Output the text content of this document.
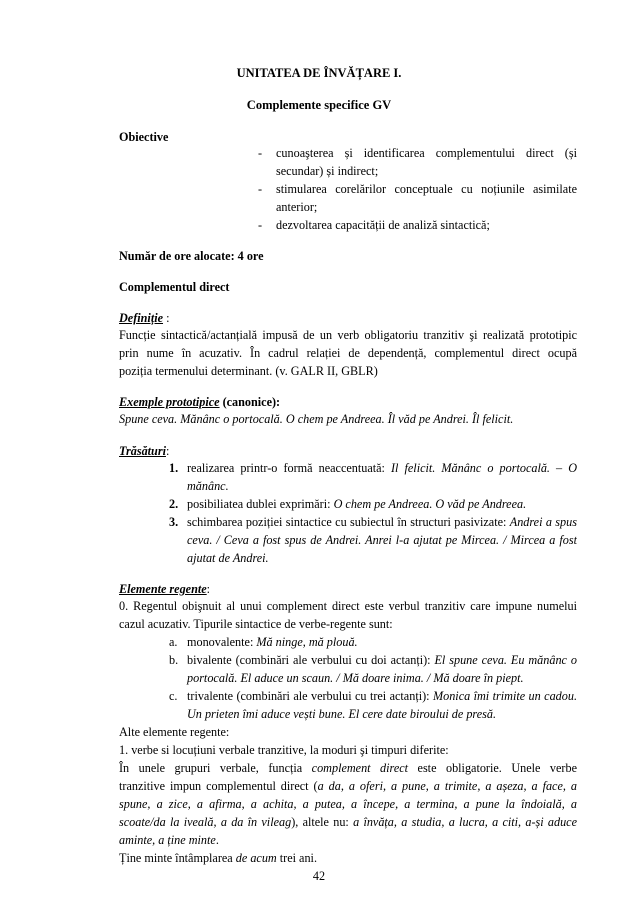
UNITATEA DE ÎNVĂȚARE I.
Complemente specifice GV
Obiective
- cunoaşterea și identificarea complementului direct (și
secundar) și indirect;
- stimularea corelărilor conceptuale cu noțiunile asimilate
anterior;
- dezvoltarea capacității de analiză sintactică;
Număr de ore alocate: 4 ore
Complementul direct
Definiție :
Funcție sintactică/actanțială impusă de un verb obligatoriu tranzitiv şi realizată prototipic
prin nume în acuzativ. În cadrul relației de dependență, complementul direct ocupă
poziția termenului determinant. (v. GALR II, GBLR)
Exemple prototipice (canonice):
Spune ceva. Mănânc o portocală. O chem pe Andreea. Îl văd pe Andrei. Îl felicit.
Trăsături:
1. realizarea printr-o formă neaccentuată: Il felicit. Mănânc o portocală. – O
mănânc.
2. posibiliatea dublei exprimări: O chem pe Andreea. O văd pe Andreea.
3. schimbarea poziției sintactice cu subiectul în structuri pasivizate: Andrei a spus
ceva. / Ceva a fost spus de Andrei. Anrei l-a ajutat pe Mircea. / Mircea a fost
ajutat de Andrei.
Elemente regente:
0. Regentul obişnuit al unui complement direct este verbul tranzitiv care impune numelui
cazul acuzativ. Tipurile sintactice de verbe-regente sunt:
a. monovalente: Mă ninge, mă plouă.
b. bivalente (combinări ale verbului cu doi actanți): El spune ceva. Eu mănânc o
portocală. El aduce un scaun. / Mă doare inima. / Mă doare în piept.
c. trivalente (combinări ale verbului cu trei actanți): Monica îmi trimite un cadou.
Un prieten îmi aduce vești bune. El cere date biroului de presă.
Alte elemente regente:
1. verbe si locuțiuni verbale tranzitive, la moduri şi timpuri diferite:
În unele grupuri verbale, funcția complement direct este obligatorie. Unele verbe
tranzitive impun complementul direct (a da, a oferi, a pune, a trimite, a așeza, a face, a
spune, a zice, a afirma, a achita, a putea, a începe, a termina, a pune la îndoială, a
scoate/da la iveală, a da în vileag), altele nu: a învăța, a studia, a lucra, a citi, a-și aduce
aminte, a ține minte.
Ține minte întâmplarea de acum trei ani.
42
